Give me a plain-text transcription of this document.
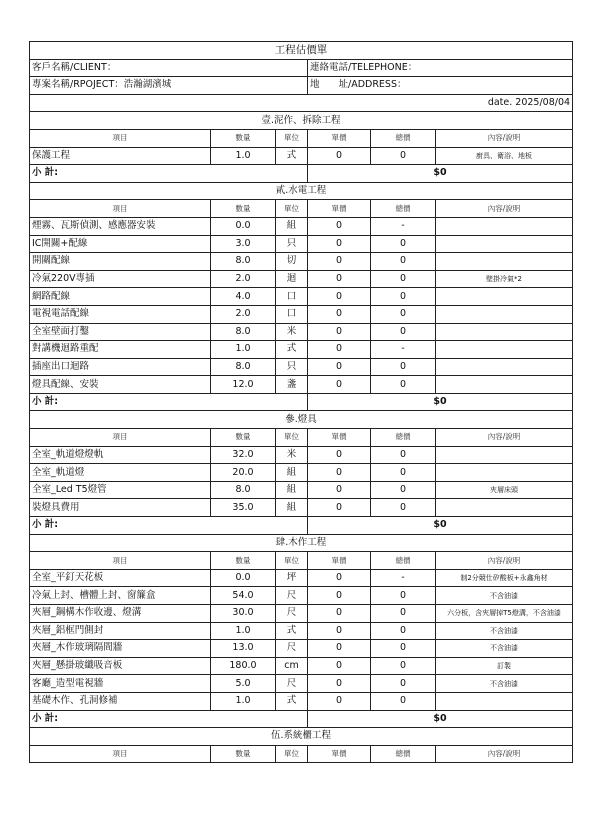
工程估價單					
客戶名稱/CLIENT：			連絡電話/TELEPHONE：		
專案名稱/RPOJECT：浩瀚湖濱城			地　　址/ADDRESS：		
date. 2025/08/04					
壹.泥作、拆除工程					
項目	數量	單位	單價	總價	內容/說明
保護工程	1.0	式	0	0	廚具、衛浴、地板
小 計:			$0		
貳.水電工程					
項目	數量	單位	單價	總價	內容/說明
煙霧、瓦斯偵測、感應器安裝	0.0	組	0	-	
IC開關+配線	3.0	只	0	0	
開關配線	8.0	切	0	0	
冷氣220V專插	2.0	迴	0	0	壁掛冷氣*2
網路配線	4.0	口	0	0	
電視電話配線	2.0	口	0	0	
全室壁面打鑿	8.0	米	0	0	
對講機迴路重配	1.0	式	0	-	
插座出口迴路	8.0	只	0	0	
燈具配線、安裝	12.0	盞	0	0	
小 計:			$0		
參.燈具					
項目	數量	單位	單價	總價	內容/說明
全室_軌道燈燈軌	32.0	米	0	0	
全室_軌道燈	20.0	組	0	0	
全室_Led T5燈管	8.0	組	0	0	夾層床頭
裝燈具費用	35.0	組	0	0	
小 計:			$0		
肆.木作工程					
項目	數量	單位	單價	總價	內容/說明
全室_平釘天花板	0.0	坪	0	-	制2分競仕矽酸板+永鑫角材
冷氣上封、槽體上封、窗簾盒	54.0	尺	0	0	不含油漆
夾層_鋼構木作收邊、燈溝	30.0	尺	0	0	六分板，含夾層掉T5燈溝，不含油漆
夾層_鋁框門側封	1.0	式	0	0	不含油漆
夾層_木作玻璃隔間牆	13.0	尺	0	0	不含油漆
夾層_懸掛玻纖吸音板	180.0	cm	0	0	訂製
客廳_造型電視牆	5.0	尺	0	0	不含油漆
基礎木作、孔洞修補	1.0	式	0	0	
小 計:			$0		
伍.系統櫃工程					
項目	數量	單位	單價	總價	內容/說明
